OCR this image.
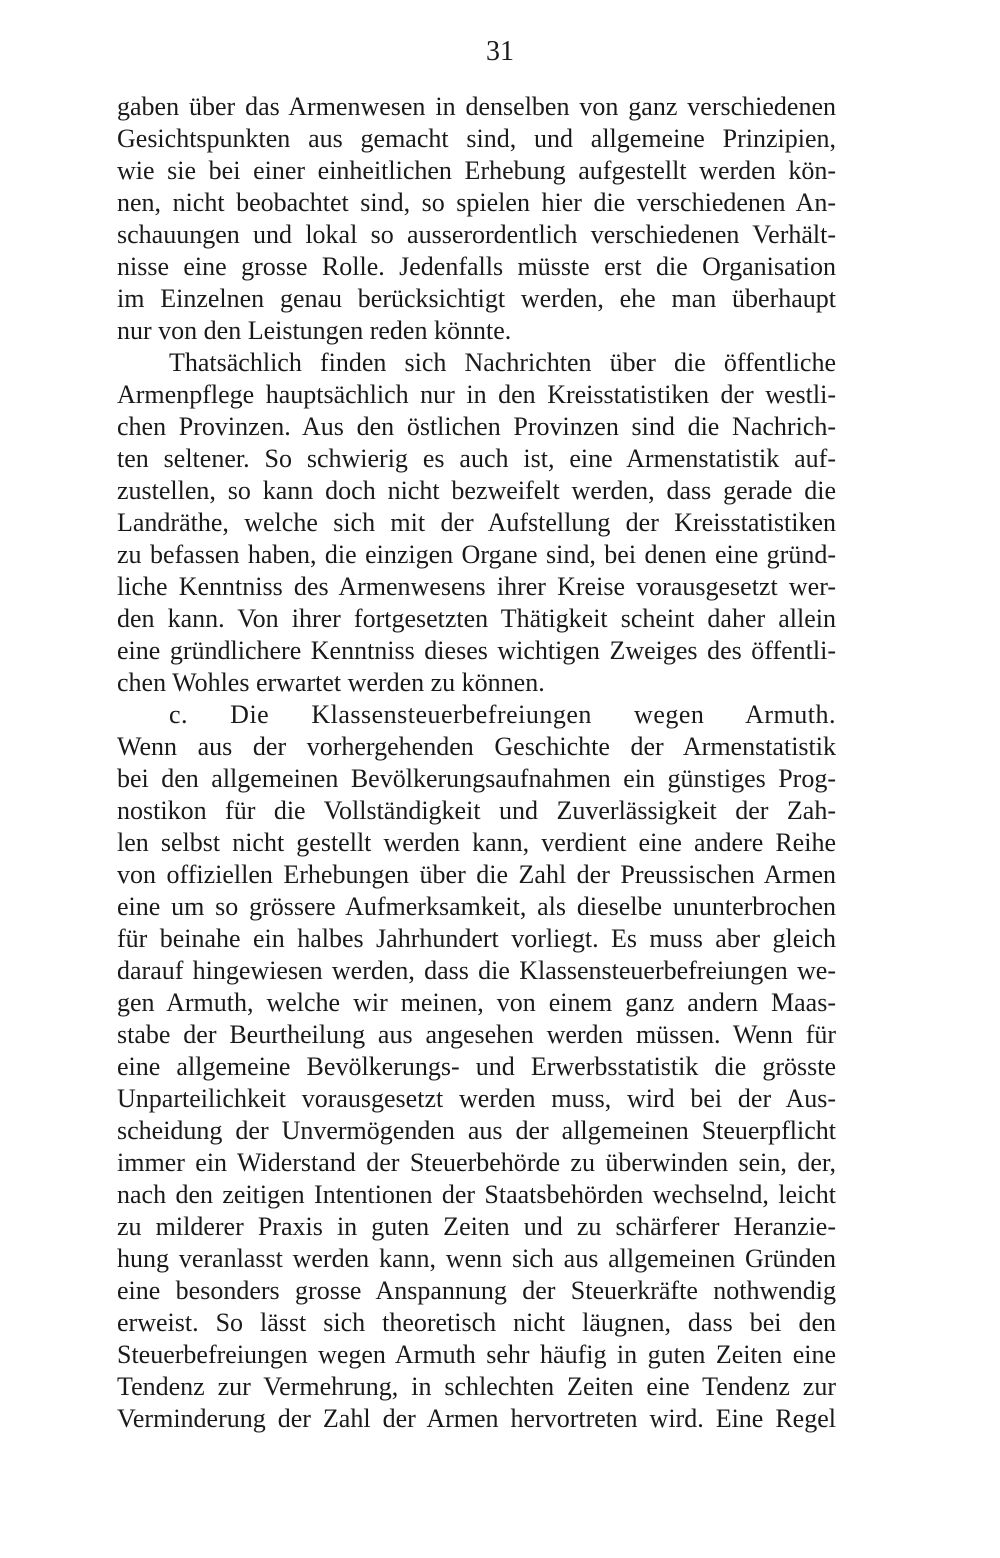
31
gaben über das Armenwesen in denselben von ganz verschiedenen
Gesichtspunkten aus gemacht sind, und allgemeine Prinzipien,
wie sie bei einer einheitlichen Erhebung aufgestellt werden kön-
nen, nicht beobachtet sind, so spielen hier die verschiedenen An-
schauungen und lokal so ausserordentlich verschiedenen Verhält-
nisse eine grosse Rolle. Jedenfalls müsste erst die Organisation
im Einzelnen genau berücksichtigt werden, ehe man überhaupt
nur von den Leistungen reden könnte.
Thatsächlich finden sich Nachrichten über die öffentliche
Armenpflege hauptsächlich nur in den Kreisstatistiken der westli-
chen Provinzen. Aus den östlichen Provinzen sind die Nachrich-
ten seltener. So schwierig es auch ist, eine Armenstatistik auf-
zustellen, so kann doch nicht bezweifelt werden, dass gerade die
Landräthe, welche sich mit der Aufstellung der Kreisstatistiken
zu befassen haben, die einzigen Organe sind, bei denen eine gründ-
liche Kenntniss des Armenwesens ihrer Kreise vorausgesetzt wer-
den kann. Von ihrer fortgesetzten Thätigkeit scheint daher allein
eine gründlichere Kenntniss dieses wichtigen Zweiges des öffentli-
chen Wohles erwartet werden zu können.
c. Die Klassensteuerbefreiungen wegen Armuth.
Wenn aus der vorhergehenden Geschichte der Armenstatistik
bei den allgemeinen Bevölkerungsaufnahmen ein günstiges Prog-
nostikon für die Vollständigkeit und Zuverlässigkeit der Zah-
len selbst nicht gestellt werden kann, verdient eine andere Reihe
von offiziellen Erhebungen über die Zahl der Preussischen Armen
eine um so grössere Aufmerksamkeit, als dieselbe ununterbrochen
für beinahe ein halbes Jahrhundert vorliegt. Es muss aber gleich
darauf hingewiesen werden, dass die Klassensteuerbefreiungen we-
gen Armuth, welche wir meinen, von einem ganz andern Maas-
stabe der Beurtheilung aus angesehen werden müssen. Wenn für
eine allgemeine Bevölkerungs- und Erwerbsstatistik die grösste
Unparteilichkeit vorausgesetzt werden muss, wird bei der Aus-
scheidung der Unvermögenden aus der allgemeinen Steuerpflicht
immer ein Widerstand der Steuerbehörde zu überwinden sein, der,
nach den zeitigen Intentionen der Staatsbehörden wechselnd, leicht
zu milderer Praxis in guten Zeiten und zu schärferer Heranzie-
hung veranlasst werden kann, wenn sich aus allgemeinen Gründen
eine besonders grosse Anspannung der Steuerkräfte nothwendig
erweist. So lässt sich theoretisch nicht läugnen, dass bei den
Steuerbefreiungen wegen Armuth sehr häufig in guten Zeiten eine
Tendenz zur Vermehrung, in schlechten Zeiten eine Tendenz zur
Verminderung der Zahl der Armen hervortreten wird. Eine Regel
